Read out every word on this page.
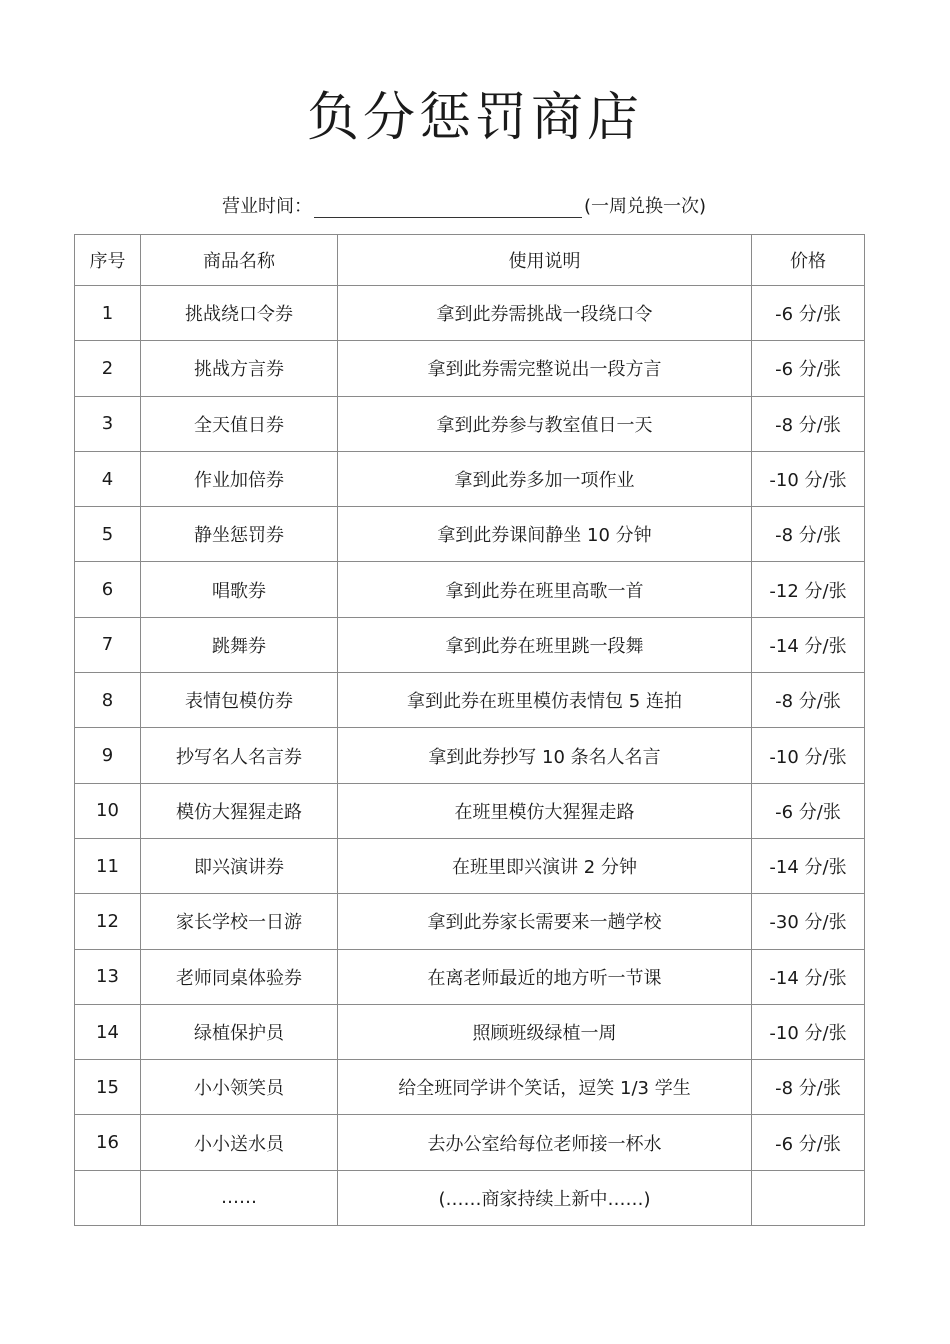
负分惩罚商店
营业时间：	(一周兑换一次)
序号	商品名称	使用说明	价格
1	挑战绕口令券	拿到此券需挑战一段绕口令	-6 分/张
2	挑战方言券	拿到此券需完整说出一段方言	-6 分/张
3	全天值日券	拿到此券参与教室值日一天	-8 分/张
4	作业加倍券	拿到此券多加一项作业	-10 分/张
5	静坐惩罚券	拿到此券课间静坐 10 分钟	-8 分/张
6	唱歌券	拿到此券在班里高歌一首	-12 分/张
7	跳舞券	拿到此券在班里跳一段舞	-14 分/张
8	表情包模仿券	拿到此券在班里模仿表情包 5 连拍	-8 分/张
9	抄写名人名言券	拿到此券抄写 10 条名人名言	-10 分/张
10	模仿大猩猩走路	在班里模仿大猩猩走路	-6 分/张
11	即兴演讲券	在班里即兴演讲 2 分钟	-14 分/张
12	家长学校一日游	拿到此券家长需要来一趟学校	-30 分/张
13	老师同桌体验券	在离老师最近的地方听一节课	-14 分/张
14	绿植保护员	照顾班级绿植一周	-10 分/张
15	小小领笑员	给全班同学讲个笑话，逗笑 1/3 学生	-8 分/张
16	小小送水员	去办公室给每位老师接一杯水	-6 分/张
	……	(……商家持续上新中……)	
